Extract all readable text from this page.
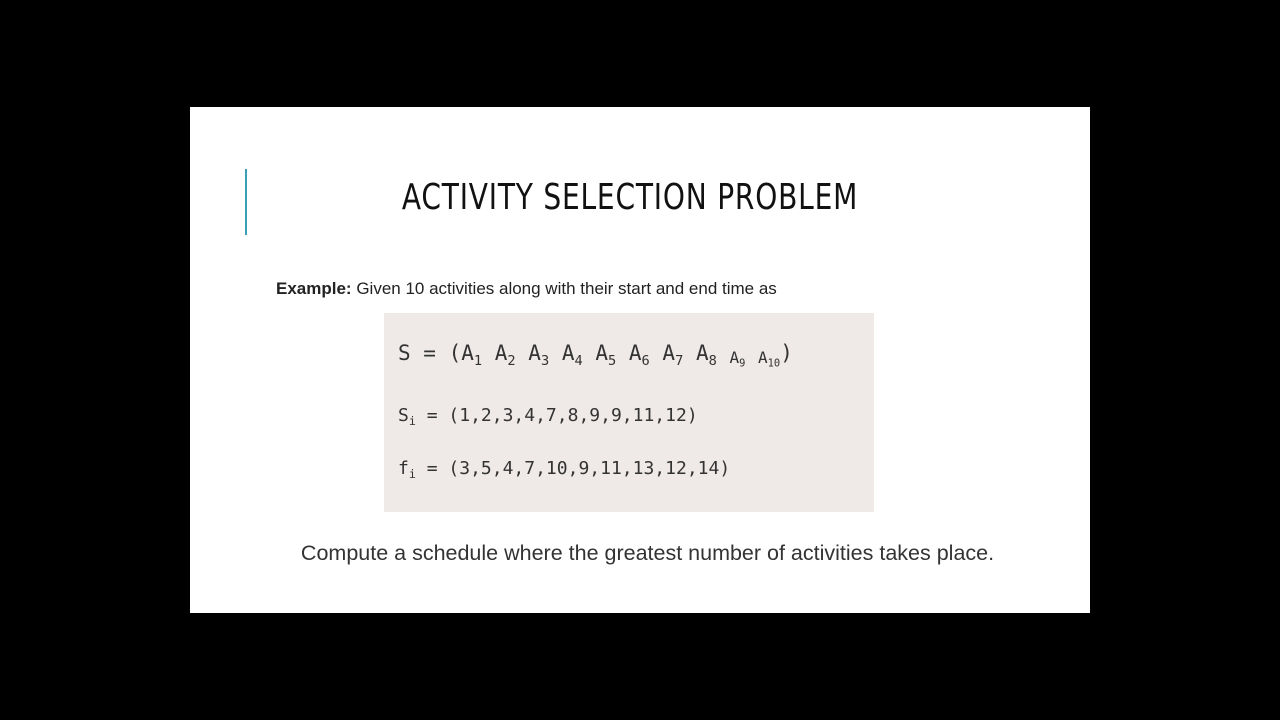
ACTIVITY SELECTION PROBLEM
Example: Given 10 activities along with their start and end time as
$S = (A_1$ $A_2$ $A_3$ $A_4$ $A_5$ $A_6$ $A_7$ $A_8$ $A_9$ $A_{10}$)
$S_i = (1,2,3,4,7,8,9,9,11,12)$
$f_i = (3,5,4,7,10,9,11,13,12,14)$
Compute a schedule where the greatest number of activities takes place.
